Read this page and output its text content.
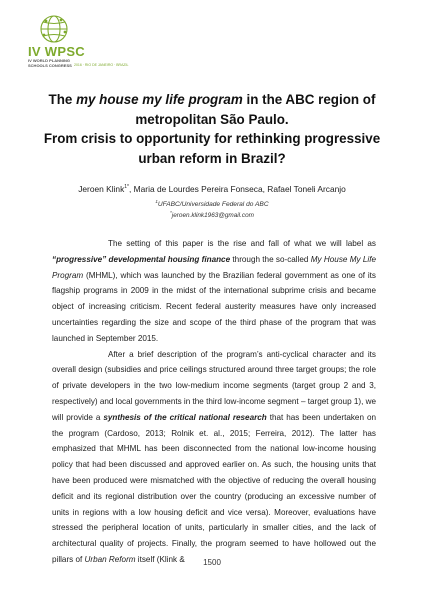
IV WPSC
IV WORLD PLANNING
SCHOOLS CONGRESS 2016 · RIO DE JANEIRO · BRAZIL
The my house my life program in the ABC region of
metropolitan São Paulo.
From crisis to opportunity for rethinking progressive
urban reform in Brazil?
Jeroen Klink$^{1*}$, Maria de Lourdes Pereira Fonseca, Rafael Toneli Arcanjo
$^1$UFABC/Universidade Federal do ABC
*jeroen.klink1963@gmail.com

The setting of this paper is the rise and fall of what we will label as “progressive” developmental housing finance through the so-called My House My Life Program (MHML), which was launched by the Brazilian federal government as one of its flagship programs in 2009 in the midst of the international subprime crisis and became object of increasing criticism. Recent federal austerity measures have only increased uncertainties regarding the size and scope of the third phase of the program that was launched in September 2015.

After a brief description of the program’s anti-cyclical character and its overall design (subsidies and price ceilings structured around three target groups; the role of private developers in the two low-medium income segments (target group 2 and 3, respectively) and local governments in the third low-income segment – target group 1), we will provide a synthesis of the critical national research that has been undertaken on the program (Cardoso, 2013; Rolnik et. al., 2015; Ferreira, 2012). The latter has emphasized that MHML has been disconnected from the national low-income housing policy that had been discussed and approved earlier on. As such, the housing units that have been produced were mismatched with the objective of reducing the overall housing deficit and its regional distribution over the country (producing an excessive number of units in regions with a low housing deficit and vice versa). Moreover, evaluations have stressed the peripheral location of units, particularly in smaller cities, and the lack of architectural quality of projects. Finally, the program seemed to have hollowed out the pillars of Urban Reform itself (Klink &	1500
